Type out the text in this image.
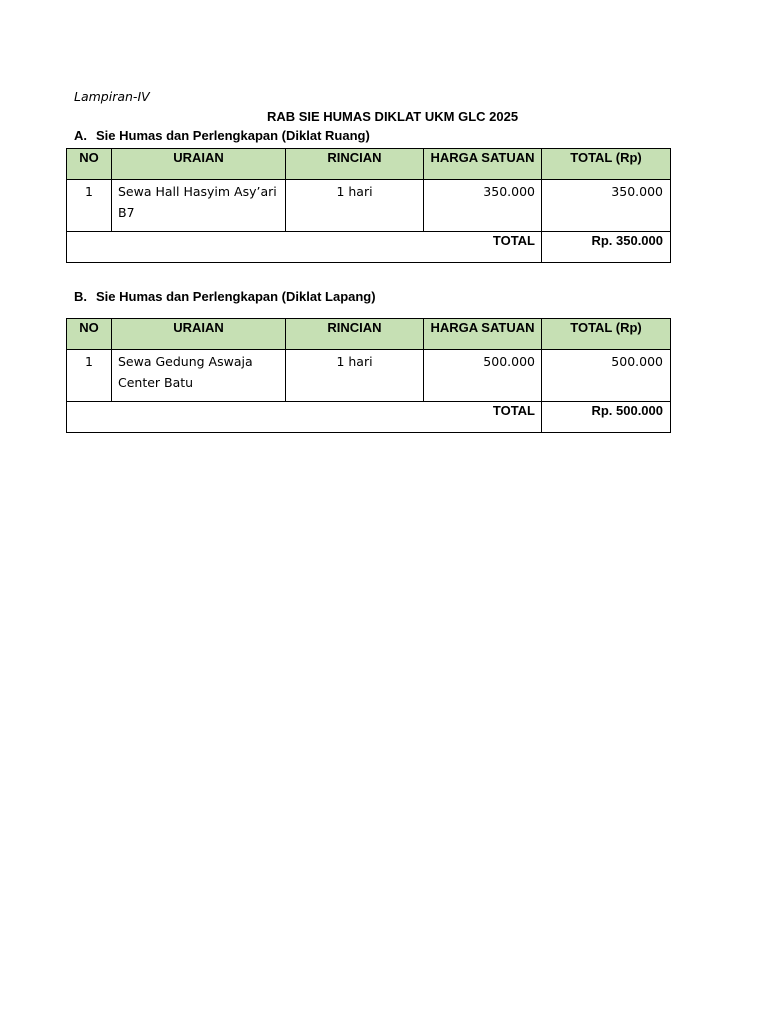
Lampiran-IV
RAB SIE HUMAS DIKLAT UKM GLC 2025
A. Sie Humas dan Perlengkapan (Diklat Ruang)
NO	URAIAN	RINCIAN	HARGA SATUAN	TOTAL (Rp)
1	Sewa Hall Hasyim Asy’ari B7	1 hari	350.000	350.000
TOTAL				Rp. 350.000
B. Sie Humas dan Perlengkapan (Diklat Lapang)
NO	URAIAN	RINCIAN	HARGA SATUAN	TOTAL (Rp)
1	Sewa Gedung Aswaja Center Batu	1 hari	500.000	500.000
TOTAL				Rp. 500.000
